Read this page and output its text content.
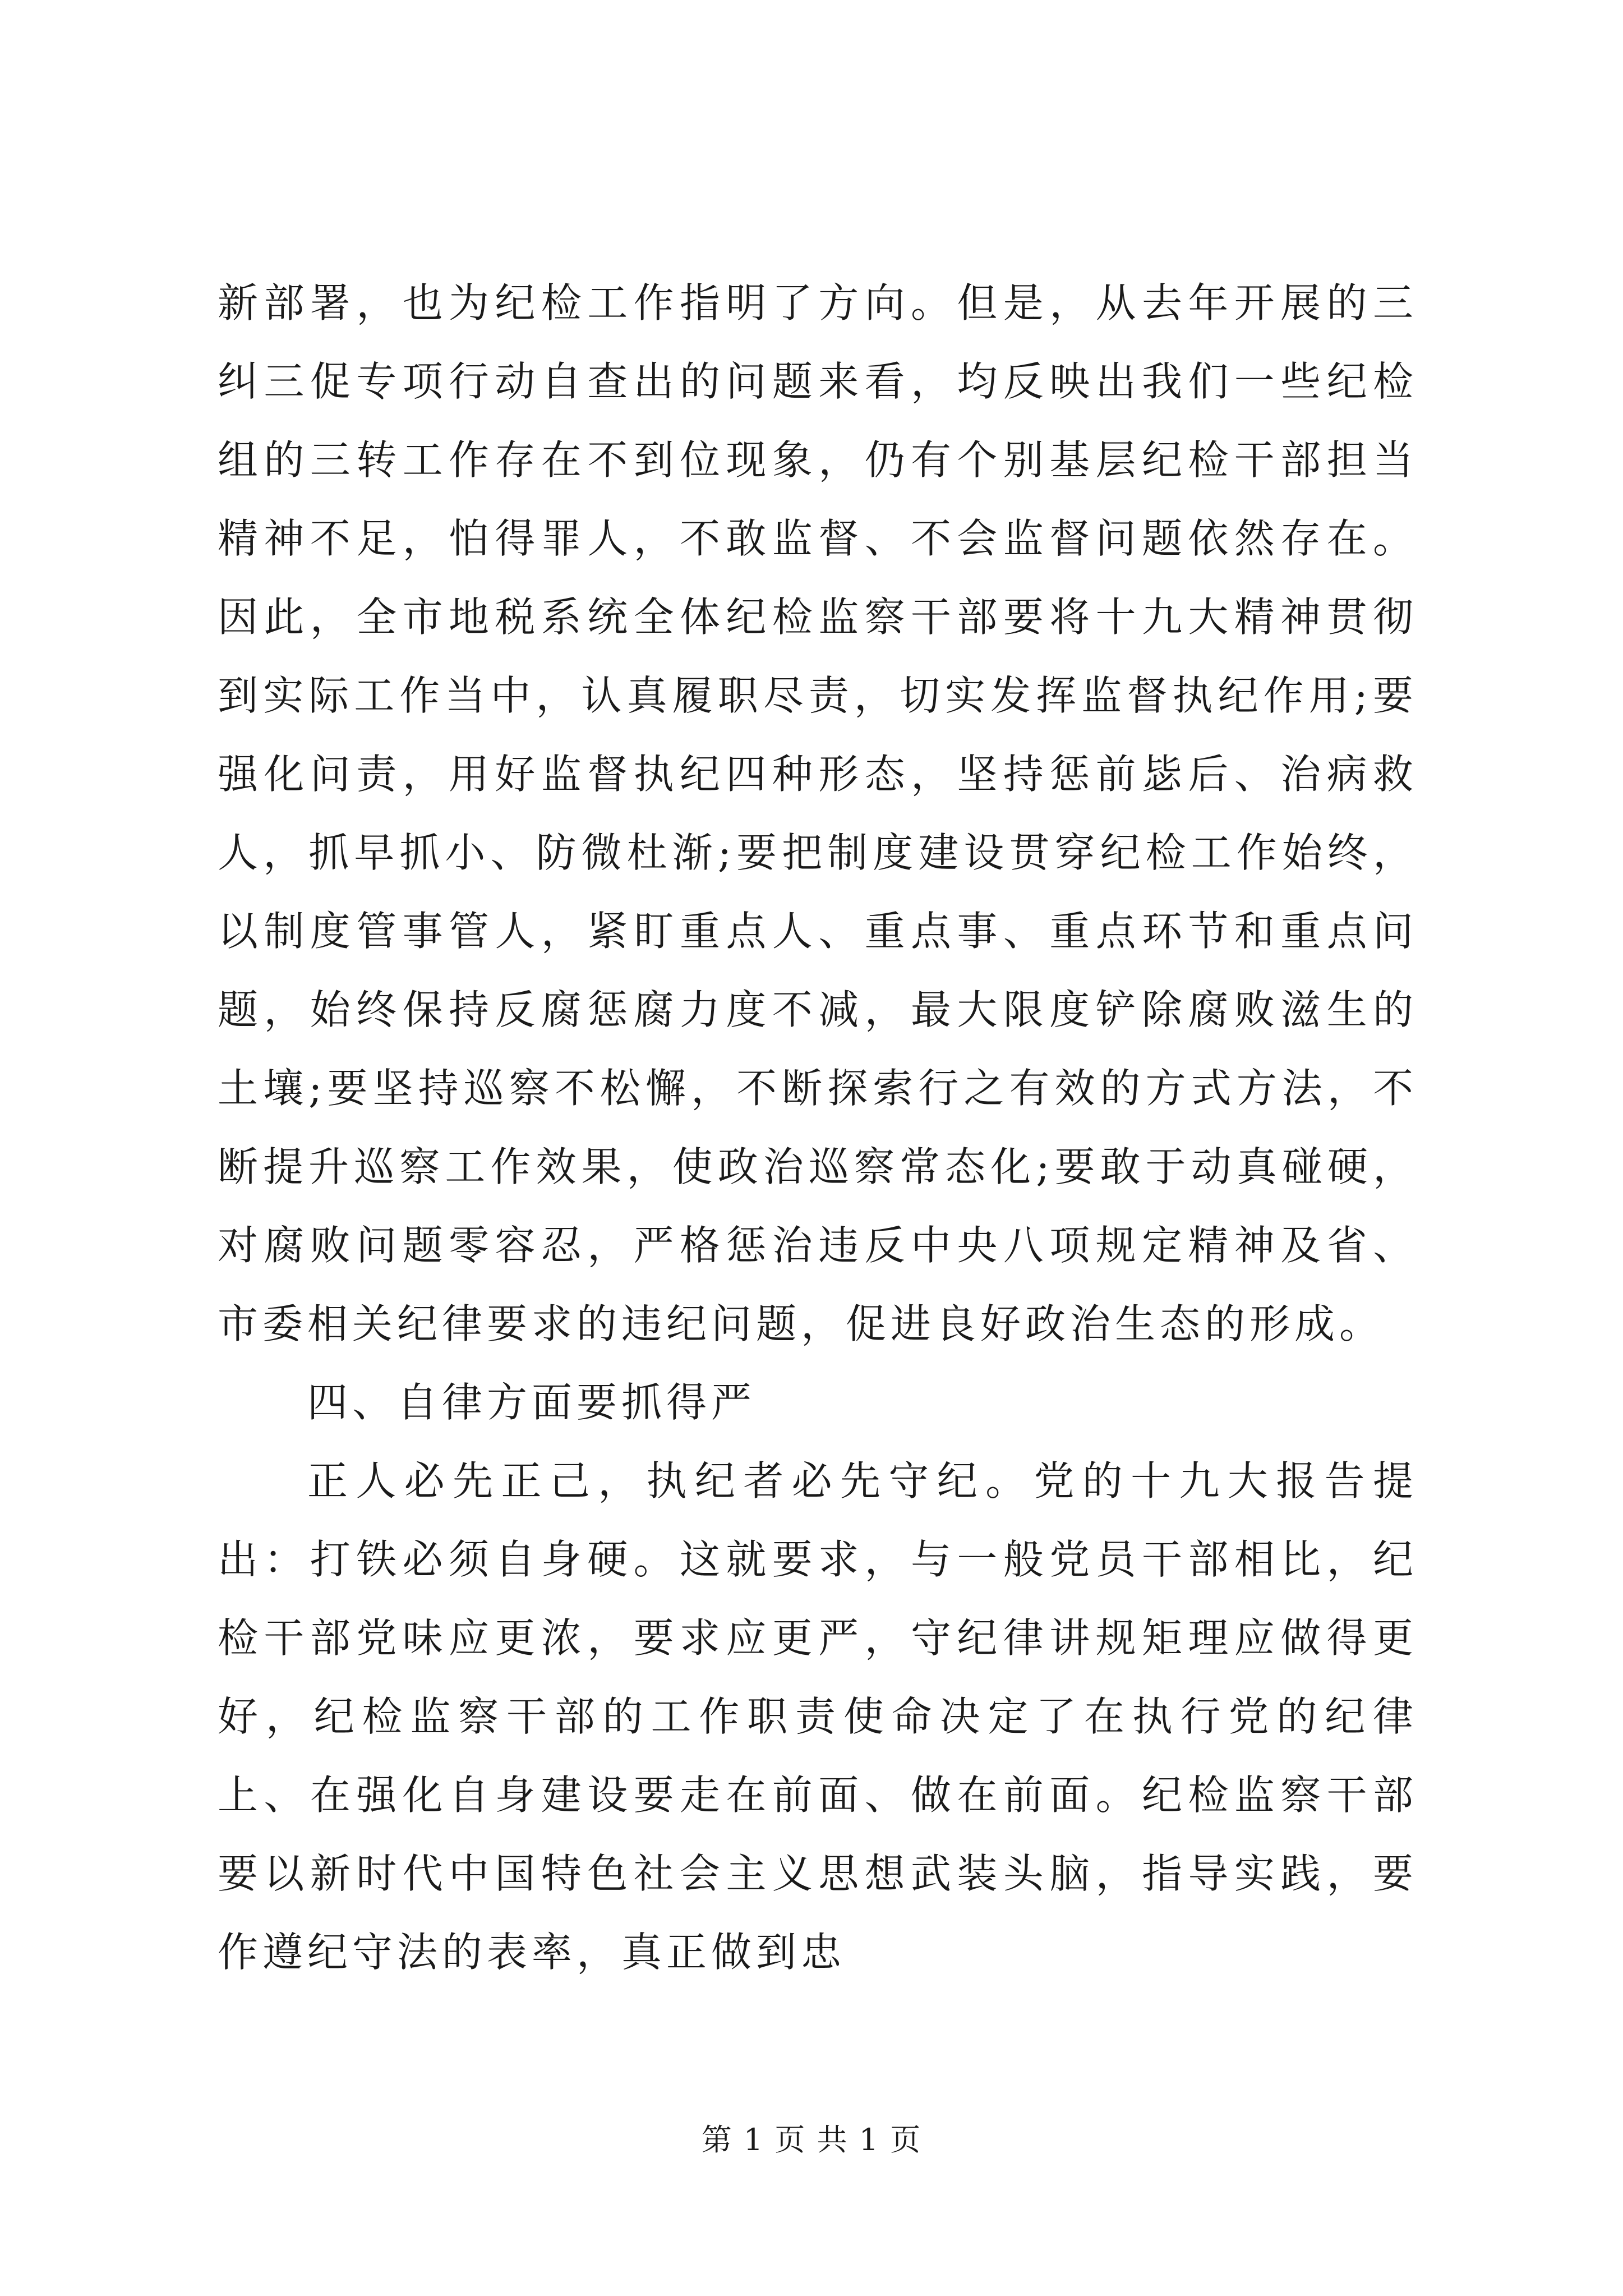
新部署，也为纪检工作指明了方向。但是，从去年开展的三纠三促专项行动自查出的问题来看，均反映出我们一些纪检组的三转工作存在不到位现象，仍有个别基层纪检干部担当精神不足，怕得罪人，不敢监督、不会监督问题依然存在。因此，全市地税系统全体纪检监察干部要将十九大精神贯彻到实际工作当中，认真履职尽责，切实发挥监督执纪作用;要强化问责，用好监督执纪四种形态，坚持惩前毖后、治病救人，抓早抓小、防微杜渐;要把制度建设贯穿纪检工作始终，以制度管事管人，紧盯重点人、重点事、重点环节和重点问题，始终保持反腐惩腐力度不减，最大限度铲除腐败滋生的土壤;要坚持巡察不松懈，不断探索行之有效的方式方法，不断提升巡察工作效果，使政治巡察常态化;要敢于动真碰硬，对腐败问题零容忍，严格惩治违反中央八项规定精神及省、市委相关纪律要求的违纪问题，促进良好政治生态的形成。

四、自律方面要抓得严

正人必先正己，执纪者必先守纪。党的十九大报告提出：打铁必须自身硬。这就要求，与一般党员干部相比，纪检干部党味应更浓，要求应更严，守纪律讲规矩理应做得更好，纪检监察干部的工作职责使命决定了在执行党的纪律上、在强化自身建设要走在前面、做在前面。纪检监察干部要以新时代中国特色社会主义思想武装头脑，指导实践，要作遵纪守法的表率，真正做到忠

第 1 页 共 1 页
